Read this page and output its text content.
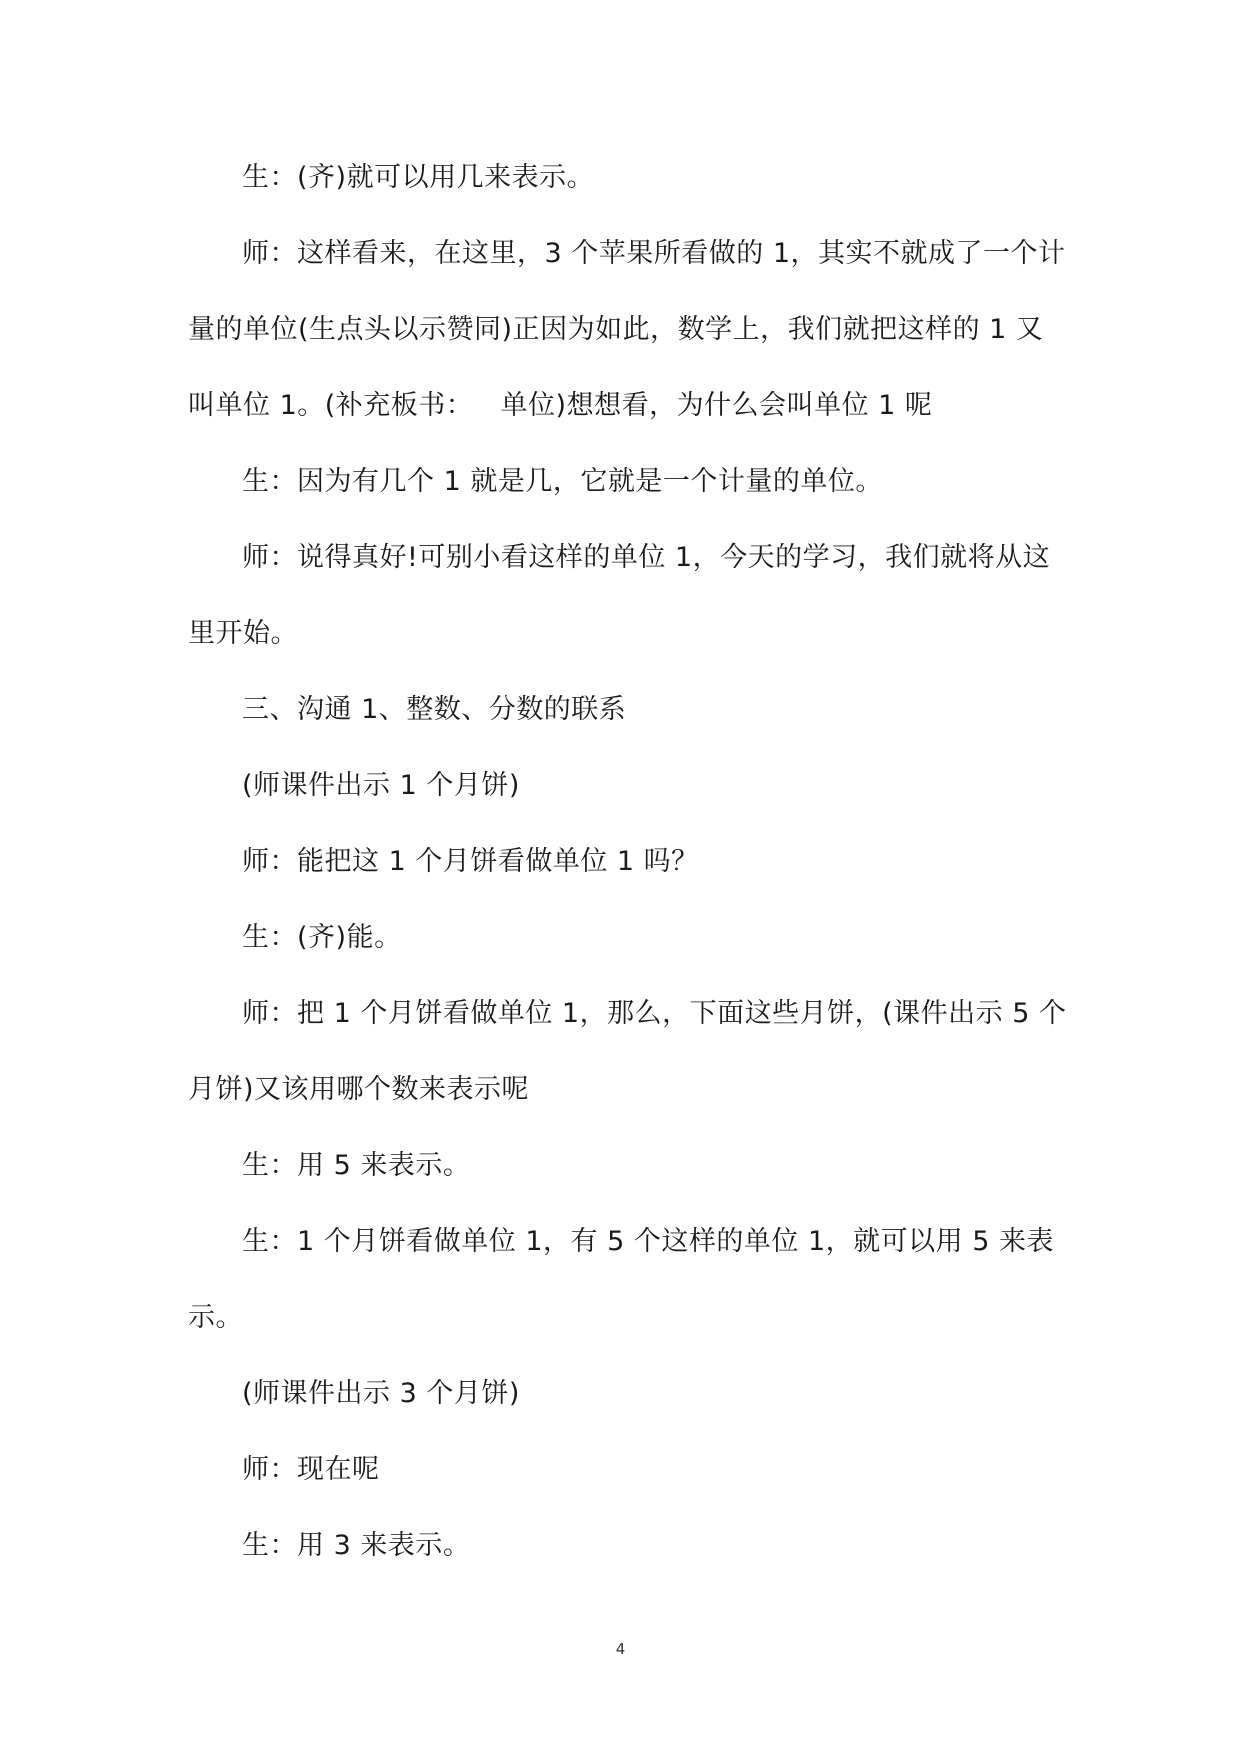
生：(齐)就可以用几来表示。

师：这样看来，在这里，3 个苹果所看做的 1，其实不就成了一个计量的单位(生点头以示赞同)正因为如此，数学上，我们就把这样的 1 又叫单位 1。(补充板书：   单位)想想看，为什么会叫单位 1 呢

生：因为有几个 1 就是几，它就是一个计量的单位。

师：说得真好!可别小看这样的单位 1，今天的学习，我们就将从这里开始。

三、沟通 1、整数、分数的联系

(师课件出示 1 个月饼)

师：能把这 1 个月饼看做单位 1 吗？

生：(齐)能。

师：把 1 个月饼看做单位 1，那么，下面这些月饼，(课件出示 5 个月饼)又该用哪个数来表示呢

生：用 5 来表示。

生：1 个月饼看做单位 1，有 5 个这样的单位 1，就可以用 5 来表示。

(师课件出示 3 个月饼)

师：现在呢

生：用 3 来表示。

4
